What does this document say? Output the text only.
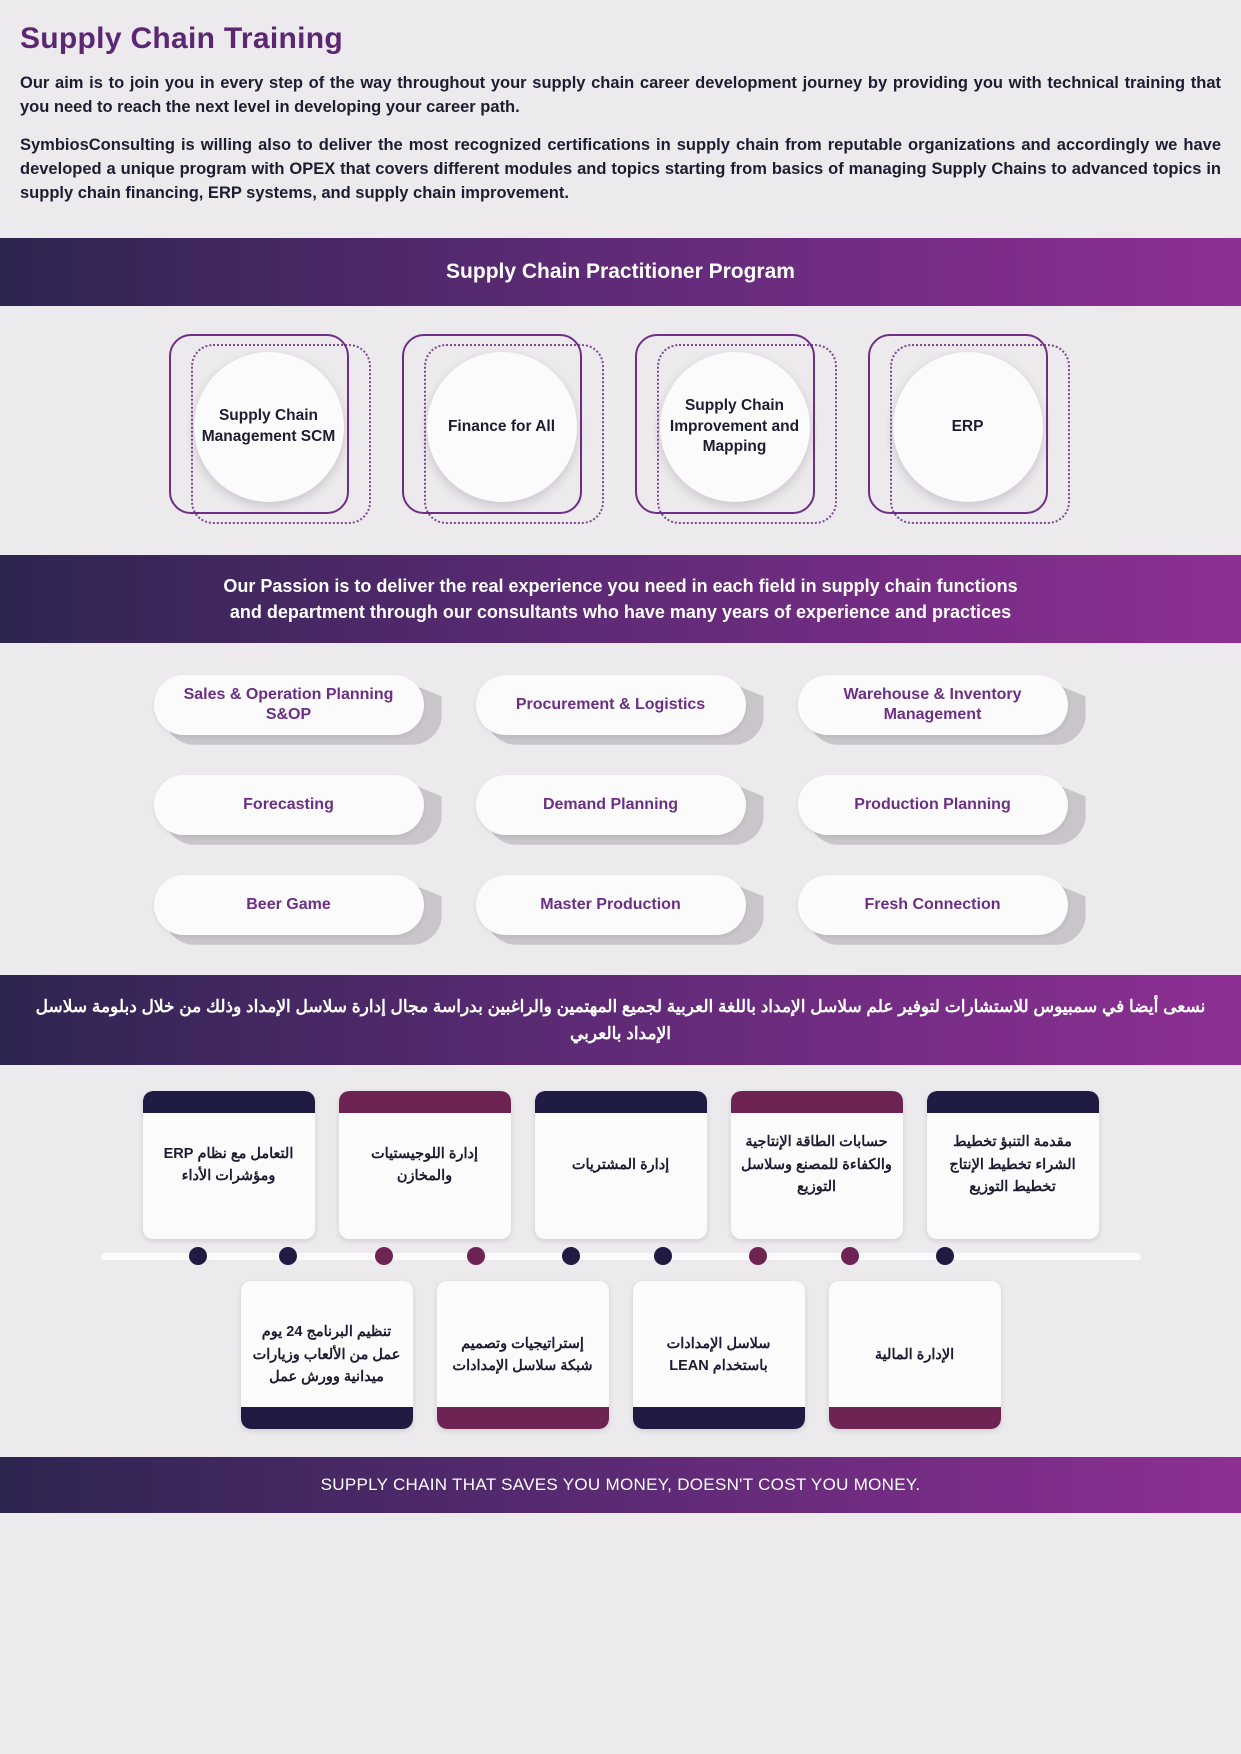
Supply Chain Training

Our aim is to join you in every step of the way throughout your supply chain career development journey by providing you with technical training that you need to reach the next level in developing your career path.

SymbiosConsulting is willing also to deliver the most recognized certifications in supply chain from reputable organizations and accordingly we have developed a unique program with OPEX that covers different modules and topics starting from basics of managing Supply Chains to advanced topics in supply chain financing, ERP systems, and supply chain improvement.

Supply Chain Practitioner Program
Supply Chain Management SCM
Finance for All
Supply Chain Improvement and Mapping
ERP
Our Passion is to deliver the real experience you need in each field in supply chain functions
and department through our consultants who have many years of experience and practices
Sales & Operation Planning S&OP
Procurement & Logistics
Warehouse & Inventory Management
Forecasting	Demand Planning	Production Planning
Beer Game	Master Production	Fresh Connection
نسعى أيضا في سمبيوس للاستشارات لتوفير علم سلاسل الإمداد باللغة العربية لجميع المهتمين والراغبين بدراسة مجال إدارة سلاسل الإمداد وذلك من خلال دبلومة سلاسل الإمداد بالعربي
التعامل مع نظام ERP ومؤشرات الأداء
إدارة اللوجيستيات والمخازن
إدارة المشتريات
حسابات الطاقة الإنتاجية والكفاءة للمصنع وسلاسل التوزيع
مقدمة التنبؤ تخطيط الشراء تخطيط الإنتاج تخطيط التوزيع
تنظيم البرنامج 24 يوم عمل من الألعاب وزيارات ميدانية وورش عمل
إستراتيجيات وتصميم شبكة سلاسل الإمدادات
سلاسل الإمدادات باستخدام LEAN
الإدارة المالية
SUPPLY CHAIN THAT SAVES YOU MONEY, DOESN'T COST YOU MONEY.
